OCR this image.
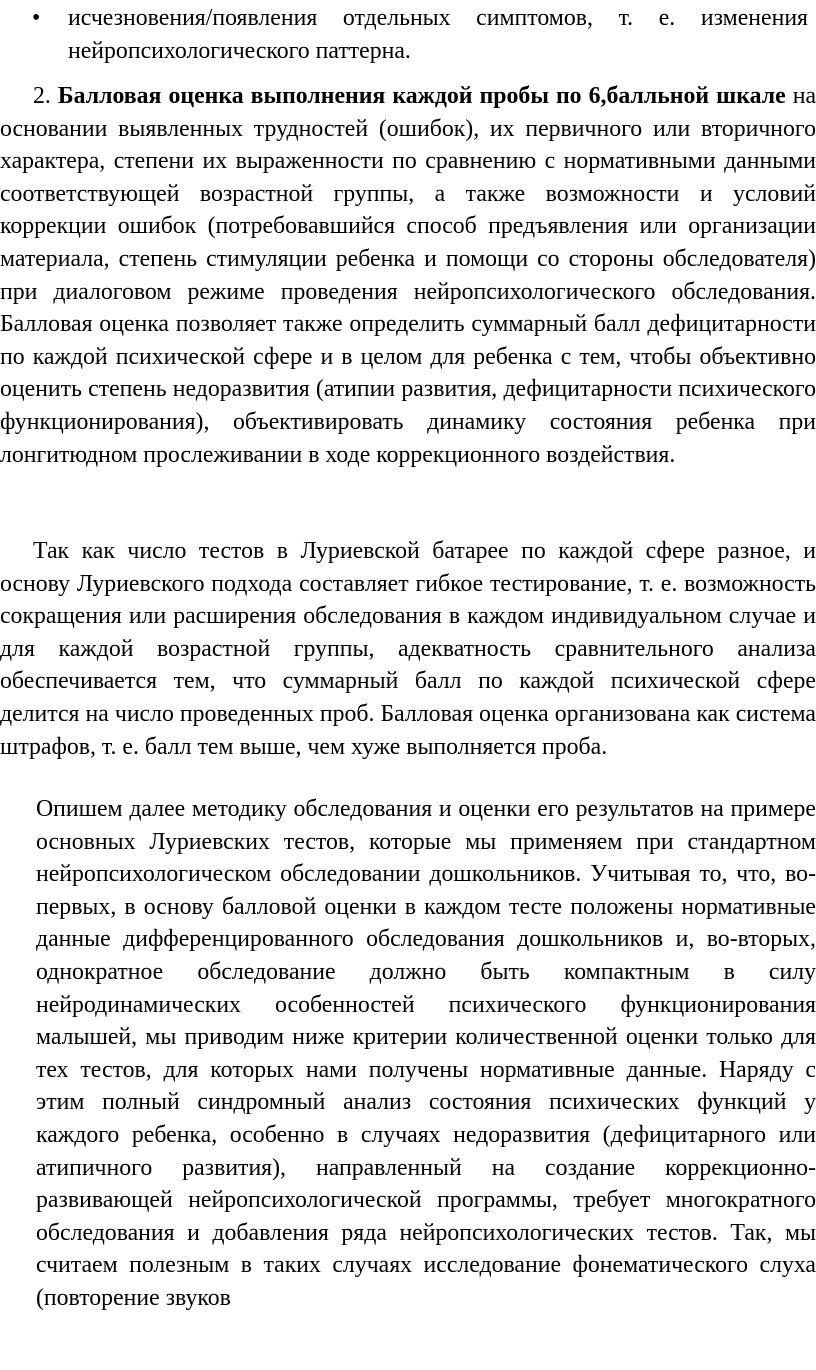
• исчезновения/появления отдельных симптомов, т. е. изменения нейропсихологического паттерна.
2. Балловая оценка выполнения каждой пробы по 6,балльной шкале на основании выявленных трудностей (ошибок), их первичного или вторичного характера, степени их выраженности по сравнению с нормативными данными соответствующей возрастной группы, а также возможности и условий коррекции ошибок (потребовавшийся способ предъявления или организации материала, степень стимуляции ребенка и помощи со стороны обследователя) при диалоговом режиме проведения нейропсихологического обследования. Балловая оценка позволяет также определить суммарный балл дефицитарности по каждой психической сфере и в целом для ребенка с тем, чтобы объективно оценить степень недоразвития (атипии развития, дефицитарности психического функционирования), объективировать динамику состояния ребенка при лонгитюдном прослеживании в ходе коррекционного воздействия.
Так как число тестов в Луриевской батарее по каждой сфере разное, и основу Луриевского подхода составляет гибкое тестирование, т. е. возможность сокращения или расширения обследования в каждом индивидуальном случае и для каждой возрастной группы, адекватность сравнительного анализа обеспечивается тем, что суммарный балл по каждой психической сфере делится на число проведенных проб. Балловая оценка организована как система штрафов, т. е. балл тем выше, чем хуже выполняется проба.
Опишем далее методику обследования и оценки его результатов на примере основных Луриевских тестов, которые мы применяем при стандартном нейропсихологическом обследовании дошкольников. Учитывая то, что, во-первых, в основу балловой оценки в каждом тесте положены нормативные данные дифференцированного обследования дошкольников и, во-вторых, однократное обследование должно быть компактным в силу нейродинамических особенностей психического функционирования малышей, мы приводим ниже критерии количественной оценки только для тех тестов, для которых нами получены нормативные данные. Наряду с этим полный синдромный анализ состояния психических функций у каждого ребенка, особенно в случаях недоразвития (дефицитарного или атипичного развития), направленный на создание коррекционно-развивающей нейропсихологической программы, требует многократного обследования и добавления ряда нейропсихологических тестов. Так, мы считаем полезным в таких случаях исследование фонематического слуха (повторение звуков
